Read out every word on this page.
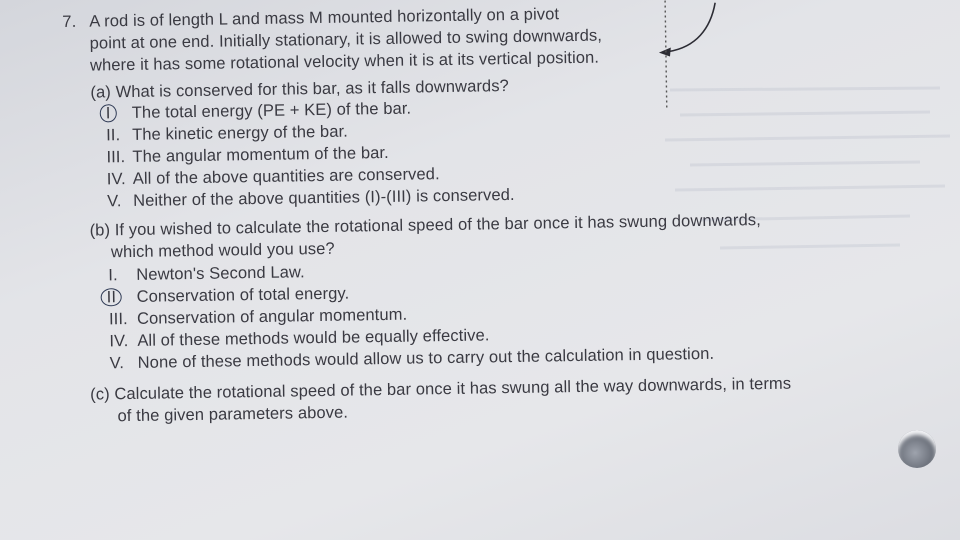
7. A rod is of length L and mass M mounted horizontally on a pivot
point at one end. Initially stationary, it is allowed to swing downwards,
where it has some rotational velocity when it is at its vertical position.
(a) What is conserved for this bar, as it falls downwards?
I	The total energy (PE + KE) of the bar.
II. The kinetic energy of the bar.
III. The angular momentum of the bar.
IV. All of the above quantities are conserved.
V. Neither of the above quantities (I)-(III) is conserved.
(b) If you wished to calculate the rotational speed of the bar once it has swung downwards,
which method would you use?
I. Newton's Second Law.
II	Conservation of total energy.
III. Conservation of angular momentum.
IV. All of these methods would be equally effective.
V. None of these methods would allow us to carry out the calculation in question.
(c) Calculate the rotational speed of the bar once it has swung all the way downwards, in terms
of the given parameters above.
